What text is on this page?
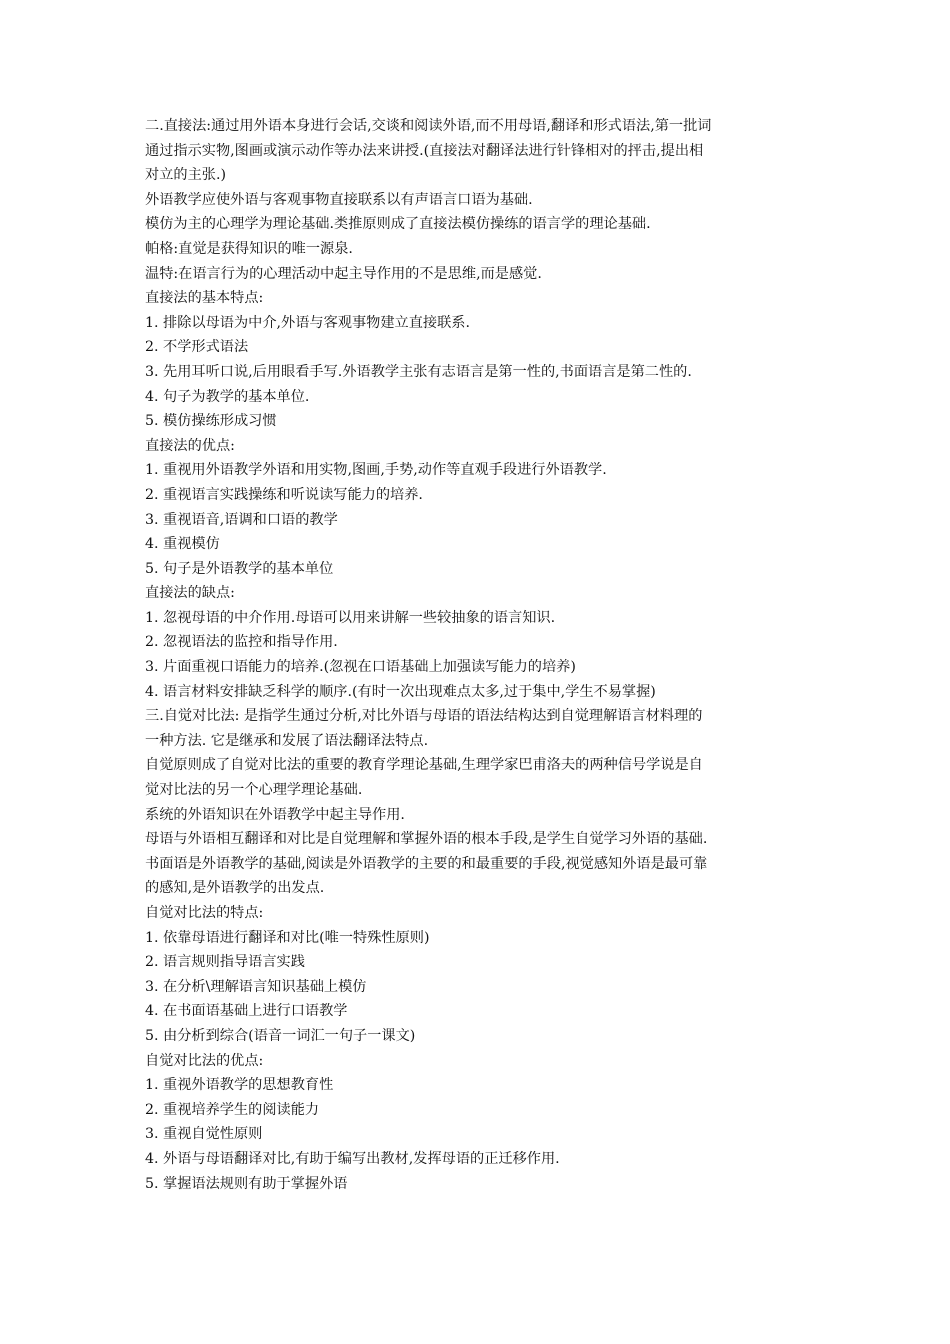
二.直接法:通过用外语本身进行会话,交谈和阅读外语,而不用母语,翻译和形式语法,第一批词
通过指示实物,图画或演示动作等办法来讲授.(直接法对翻译法进行针锋相对的抨击,提出相
对立的主张.)
外语教学应使外语与客观事物直接联系以有声语言口语为基础.
模仿为主的心理学为理论基础.类推原则成了直接法模仿操练的语言学的理论基础.
帕格:直觉是获得知识的唯一源泉.
温特:在语言行为的心理活动中起主导作用的不是思维,而是感觉.
直接法的基本特点:
1. 排除以母语为中介,外语与客观事物建立直接联系.
2. 不学形式语法
3. 先用耳听口说,后用眼看手写.外语教学主张有志语言是第一性的,书面语言是第二性的.
4. 句子为教学的基本单位.
5. 模仿操练形成习惯
直接法的优点:
1. 重视用外语教学外语和用实物,图画,手势,动作等直观手段进行外语教学.
2. 重视语言实践操练和听说读写能力的培养.
3. 重视语音,语调和口语的教学
4. 重视模仿
5. 句子是外语教学的基本单位
直接法的缺点:
1. 忽视母语的中介作用.母语可以用来讲解一些较抽象的语言知识.
2. 忽视语法的监控和指导作用.
3. 片面重视口语能力的培养.(忽视在口语基础上加强读写能力的培养)
4. 语言材料安排缺乏科学的顺序.(有时一次出现难点太多,过于集中,学生不易掌握)
三.自觉对比法: 是指学生通过分析,对比外语与母语的语法结构达到自觉理解语言材料理的
一种方法. 它是继承和发展了语法翻译法特点.
自觉原则成了自觉对比法的重要的教育学理论基础,生理学家巴甫洛夫的两种信号学说是自
觉对比法的另一个心理学理论基础.
系统的外语知识在外语教学中起主导作用.
母语与外语相互翻译和对比是自觉理解和掌握外语的根本手段,是学生自觉学习外语的基础.
书面语是外语教学的基础,阅读是外语教学的主要的和最重要的手段,视觉感知外语是最可靠
的感知,是外语教学的出发点.
自觉对比法的特点:
1. 依靠母语进行翻译和对比(唯一特殊性原则)
2. 语言规则指导语言实践
3. 在分析\理解语言知识基础上模仿
4. 在书面语基础上进行口语教学
5. 由分析到综合(语音一词汇一句子一课文)
自觉对比法的优点:
1. 重视外语教学的思想教育性
2. 重视培养学生的阅读能力
3. 重视自觉性原则
4. 外语与母语翻译对比,有助于编写出教材,发挥母语的正迁移作用.
5. 掌握语法规则有助于掌握外语
